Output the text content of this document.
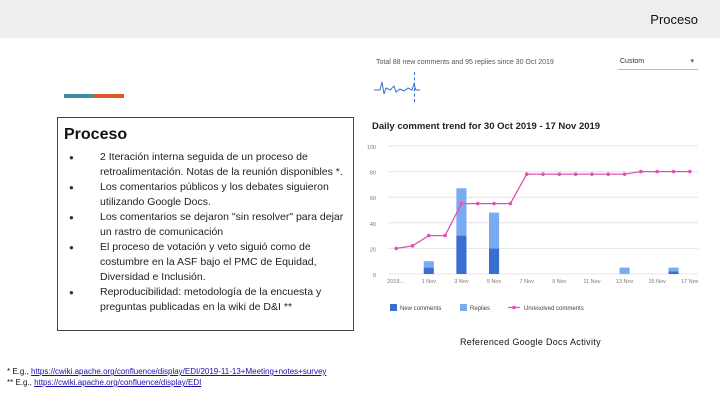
Proceso
Proceso
● 2 Iteración interna seguida de un proceso de retroalimentación. Notas de la reunión disponibles *.
● Los comentarios públicos y los debates siguieron utilizando Google Docs.
● Los comentarios se dejaron "sin resolver" para dejar un rastro de comunicación
● El proceso de votación y veto siguió como de costumbre en la ASF bajo el PMC de Equidad, Diversidad e Inclusión.
● Reproducibilidad: metodología de la encuesta y preguntas publicadas en la wiki de D&I **
Total 88 new comments and 95 replies since 30 Oct 2019	Custom	▾
Daily comment trend for 30 Oct 2019 - 17 Nov 2019
0
20
40
60
80
100
2019…	1 Nov	3 Nov	5 Nov	7 Nov	9 Nov	11 Nov	13 Nov	15 Nov	17 Nov
New comments	Replies	Unresolved comments
Referenced Google Docs Activity
* E.g., https://cwiki.apache.org/confluence/display/EDI/2019-11-13+Meeting+notes+survey
** E.g., https://cwiki.apache.org/confluence/display/EDI
